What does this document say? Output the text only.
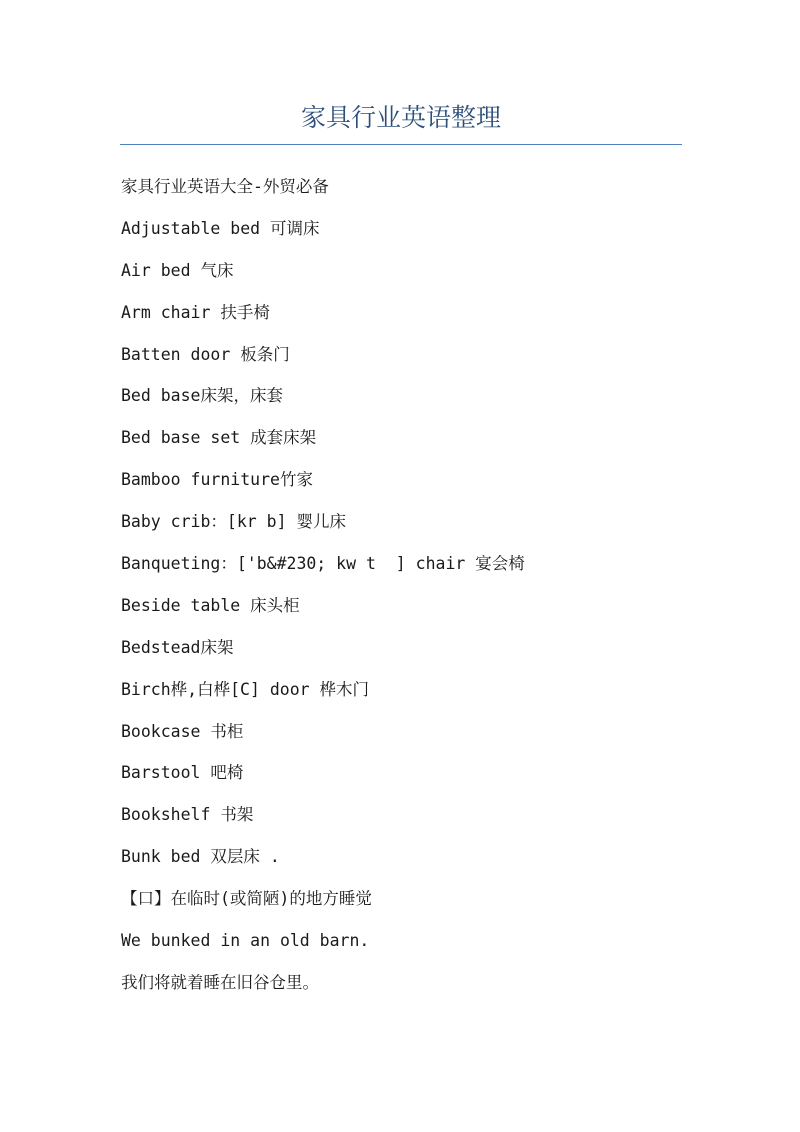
家具行业英语整理
家具行业英语大全-外贸必备
Adjustable bed 可调床
Air bed 气床
Arm chair 扶手椅
Batten door 板条门
Bed base床架，床套
Bed base set 成套床架
Bamboo furniture竹家
Baby crib：[kr b] 婴儿床
Banqueting：['b&#230; kw t  ] chair 宴会椅
Beside table 床头柜
Bedstead床架
Birch桦,白桦[C] door 桦木门
Bookcase 书柜
Barstool 吧椅
Bookshelf 书架
Bunk bed 双层床 .
【口】在临时(或简陋)的地方睡觉
We bunked in an old barn.
我们将就着睡在旧谷仓里。
